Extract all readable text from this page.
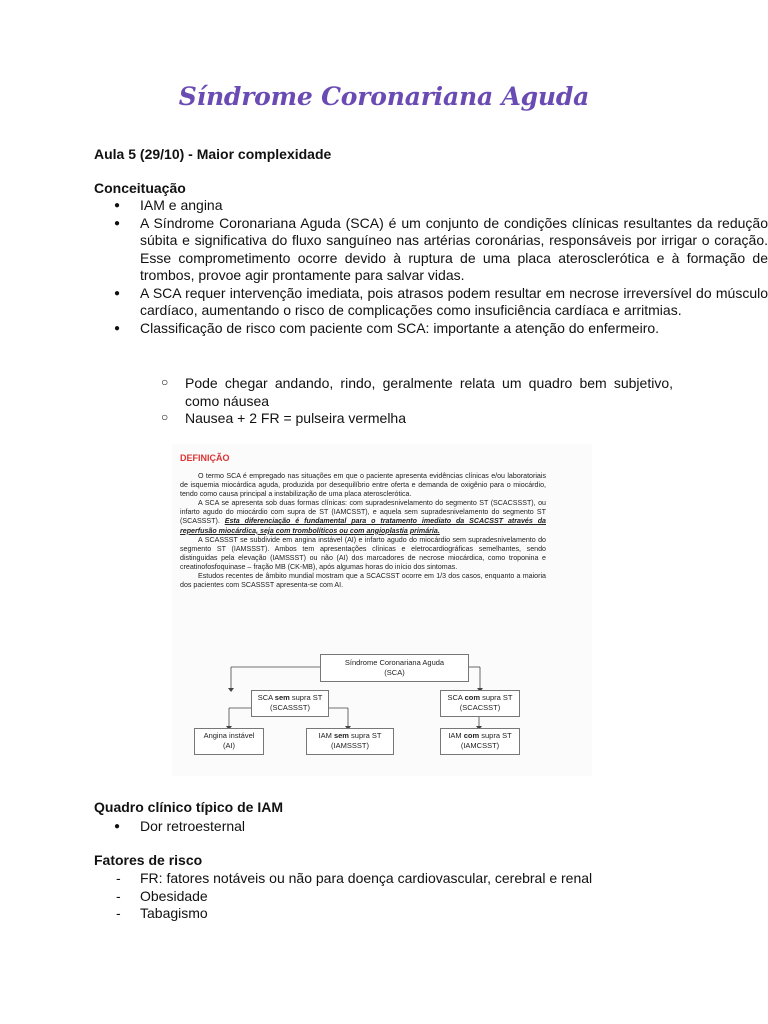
Síndrome Coronariana Aguda
Aula 5 (29/10) - Maior complexidade
Conceituação
● IAM e angina
● A Síndrome Coronariana Aguda (SCA) é um conjunto de condições clínicas resultantes da redução súbita e significativa do fluxo sanguíneo nas artérias coronárias, responsáveis por irrigar o coração. Esse comprometimento ocorre devido à ruptura de uma placa aterosclerótica e à formação de trombos, provoe agir prontamente para salvar vidas.
● A SCA requer intervenção imediata, pois atrasos podem resultar em necrose irreversível do músculo cardíaco, aumentando o risco de complicações como insuficiência cardíaca e arritmias.
● Classificação de risco com paciente com SCA: importante a atenção do enfermeiro.
○ Pode chegar andando, rindo, geralmente relata um quadro bem subjetivo, como náusea
○ Nausea + 2 FR = pulseira vermelha
DEFINIÇÃO

O termo SCA é empregado nas situações em que o paciente apresenta evidências clínicas e/ou laboratoriais de isquemia miocárdica aguda, produzida por desequilíbrio entre oferta e demanda de oxigênio para o miocárdio, tendo como causa principal a instabilização de uma placa aterosclerótica.

A SCA se apresenta sob duas formas clínicas: com supradesnivelamento do segmento ST (SCACSSST), ou infarto agudo do miocárdio com supra de ST (IAMCSST), e aquela sem supradesnivelamento do segmento ST (SCASSST). Esta diferenciação é fundamental para o tratamento imediato da SCACSST através da reperfusão miocárdica, seja com trombolíticos ou com angioplastia primária.

A SCASSST se subdivide em angina instável (AI) e infarto agudo do miocárdio sem supradesnivelamento do segmento ST (IAMSSST). Ambos tem apresentações clínicas e eletrocardiográficas semelhantes, sendo distinguidas pela elevação (IAMSSST) ou não (AI) dos marcadores de necrose miocárdica, como troponina e creatinofosfoquinase – fração MB (CK-MB), após algumas horas do início dos sintomas.

Estudos recentes de âmbito mundial mostram que a SCACSST ocorre em 1/3 dos casos, enquanto a maioria dos pacientes com SCASSST apresenta-se com AI.

Síndrome Coronariana Aguda
(SCA)
SCA sem supra ST
(SCASSST)
SCA com supra ST
(SCACSST)
Angina instável
(AI)
IAM sem supra ST
(IAMSSST)
IAM com supra ST
(IAMCSST)
Quadro clínico típico de IAM
● Dor retroesternal
Fatores de risco
- FR: fatores notáveis ou não para doença cardiovascular, cerebral e renal
- Obesidade
- Tabagismo
